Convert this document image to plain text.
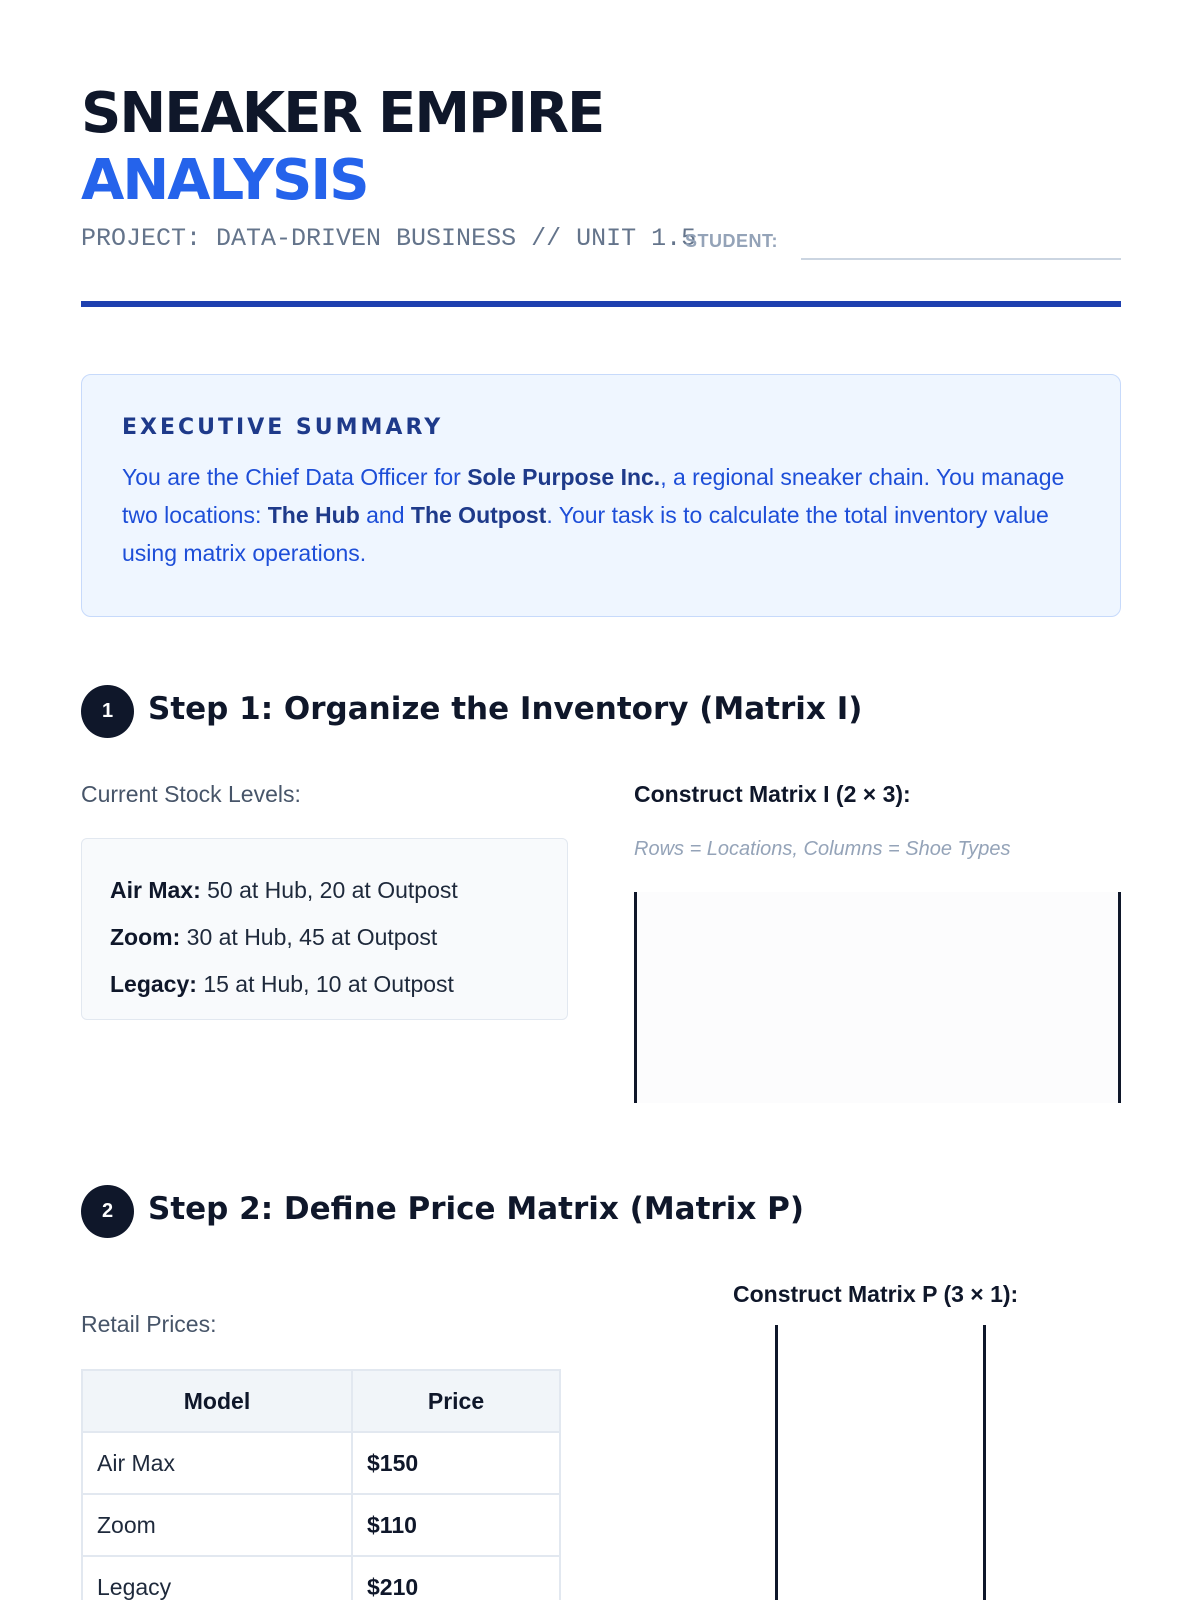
SNEAKER EMPIRE
ANALYSIS
PROJECT: DATA-DRIVEN BUSINESS // UNIT 1.5
STUDENT:
EXECUTIVE SUMMARY

You are the Chief Data Officer for Sole Purpose Inc., a regional sneaker chain. You manage two locations: The Hub and The Outpost. Your task is to calculate the total inventory value using matrix operations.

1	Step 1: Organize the Inventory (Matrix I)
Current Stock Levels:
Air Max: 50 at Hub, 20 at Outpost
Zoom: 30 at Hub, 45 at Outpost
Legacy: 15 at Hub, 10 at Outpost
Construct Matrix I (2 × 3):
Rows = Locations, Columns = Shoe Types
2	Step 2: Define Price Matrix (Matrix P)
Retail Prices:
Model	Price
Air Max	$150
Zoom	$110
Legacy	$210
Construct Matrix P (3 × 1):
